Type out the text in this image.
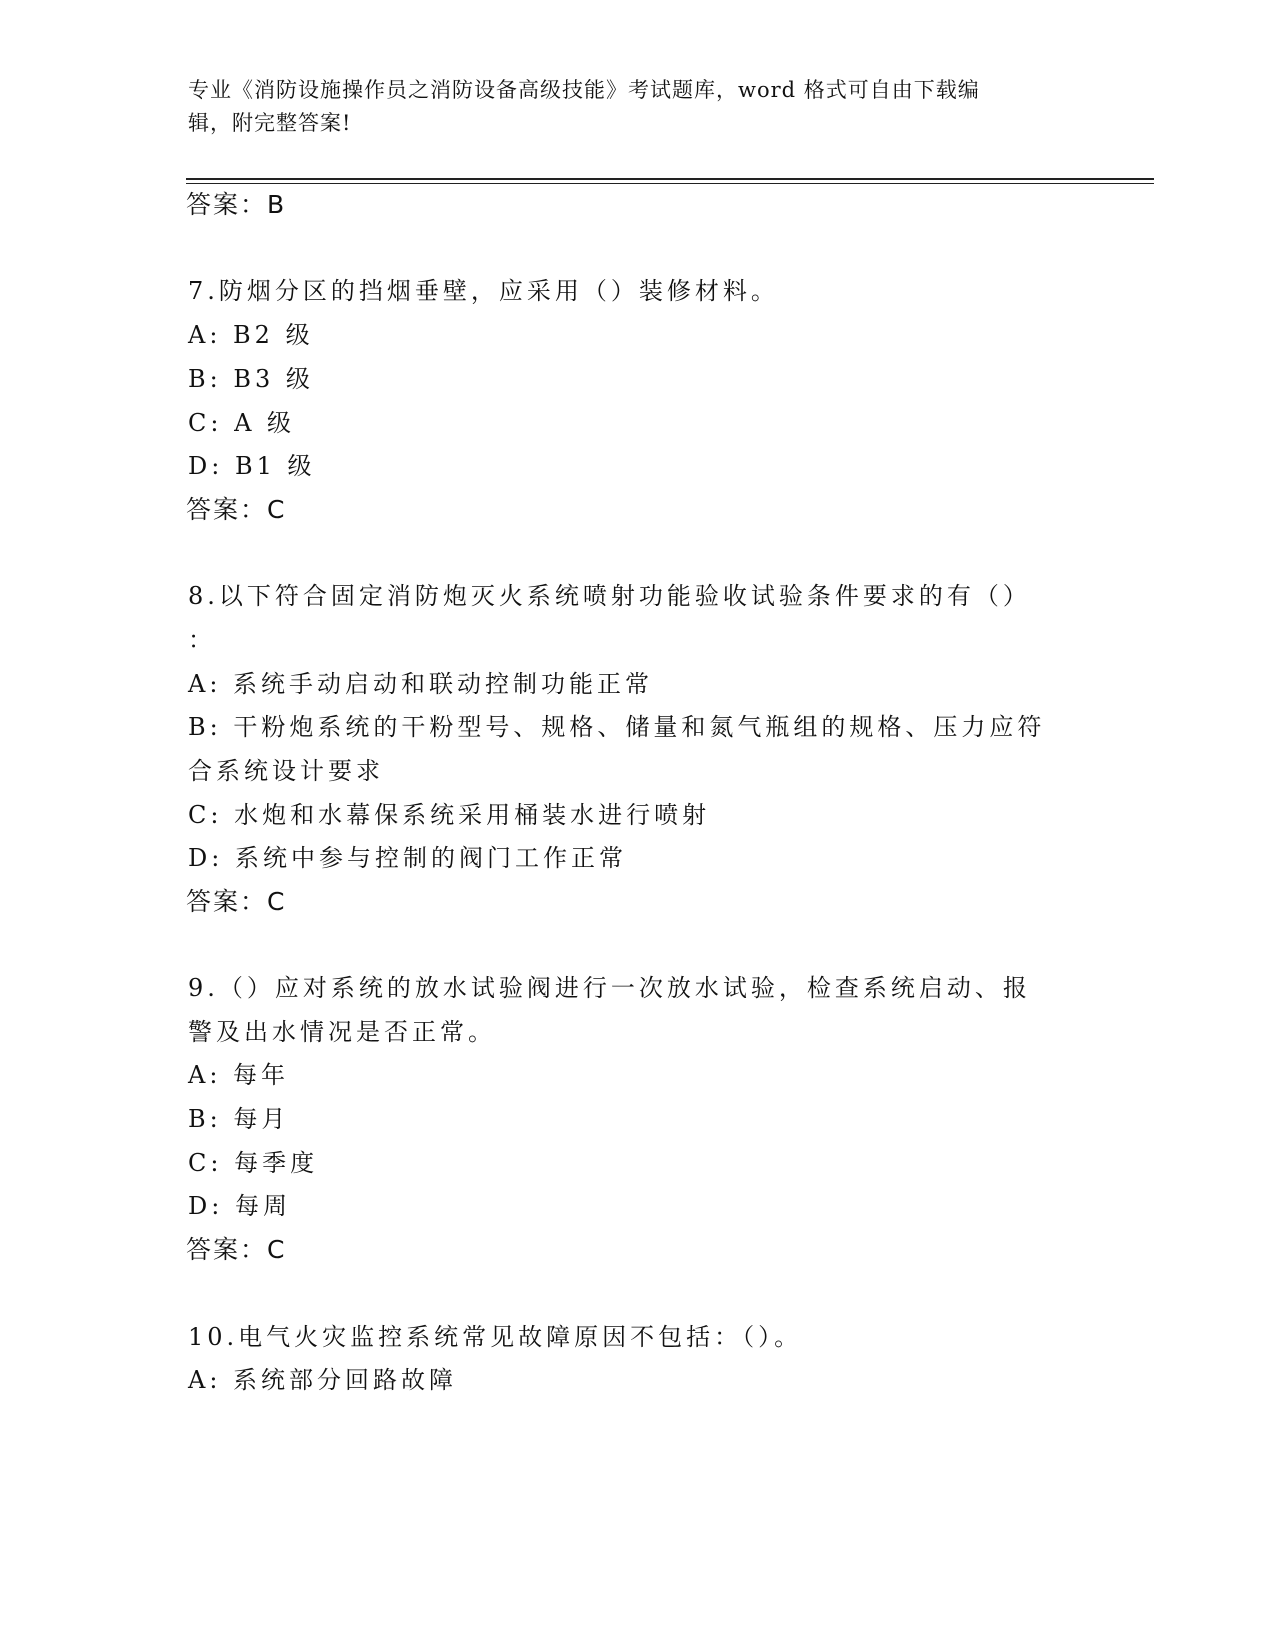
专业《消防设施操作员之消防设备高级技能》考试题库，word 格式可自由下载编
辑，附完整答案!
答案：B
7.防烟分区的挡烟垂壁，应采用（）装修材料。
A: B2 级
B: B3 级
C: A 级
D: B1 级
答案：C
8.以下符合固定消防炮灭火系统喷射功能验收试验条件要求的有（）
：
A: 系统手动启动和联动控制功能正常
B: 干粉炮系统的干粉型号、规格、储量和氮气瓶组的规格、压力应符
合系统设计要求
C: 水炮和水幕保系统采用桶装水进行喷射
D: 系统中参与控制的阀门工作正常
答案：C
9.（）应对系统的放水试验阀进行一次放水试验，检查系统启动、报
警及出水情况是否正常。
A: 每年
B: 每月
C: 每季度
D: 每周
答案：C
10.电气火灾监控系统常见故障原因不包括：（）。
A: 系统部分回路故障
